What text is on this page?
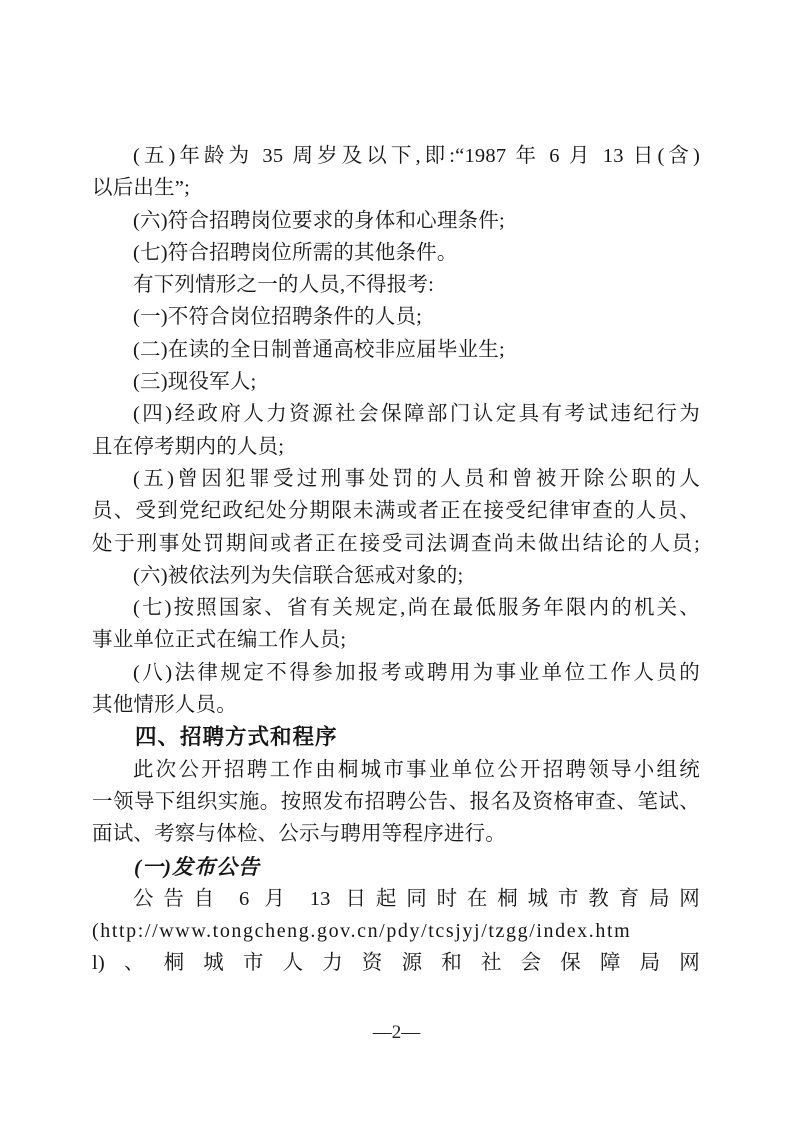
(五)年龄为 35 周岁及以下,即:“1987 年 6 月 13 日(含)
以后出生”;
(六)符合招聘岗位要求的身体和心理条件;
(七)符合招聘岗位所需的其他条件。
有下列情形之一的人员,不得报考:
(一)不符合岗位招聘条件的人员;
(二)在读的全日制普通高校非应届毕业生;
(三)现役军人;
(四)经政府人力资源社会保障部门认定具有考试违纪行为
且在停考期内的人员;
(五)曾因犯罪受过刑事处罚的人员和曾被开除公职的人
员、受到党纪政纪处分期限未满或者正在接受纪律审查的人员、
处于刑事处罚期间或者正在接受司法调查尚未做出结论的人员;
(六)被依法列为失信联合惩戒对象的;
(七)按照国家、省有关规定,尚在最低服务年限内的机关、
事业单位正式在编工作人员;
(八)法律规定不得参加报考或聘用为事业单位工作人员的
其他情形人员。
四、招聘方式和程序
此次公开招聘工作由桐城市事业单位公开招聘领导小组统
一领导下组织实施。按照发布招聘公告、报名及资格审查、笔试、
面试、考察与体检、公示与聘用等程序进行。
(一)发布公告
公告自 6 月 13 日起同时在桐城市教育局网
(http://www.tongcheng.gov.cn/pdy/tcsjyj/tzgg/index.htm
l)、桐城市人力资源和社会保障局网
—2—
